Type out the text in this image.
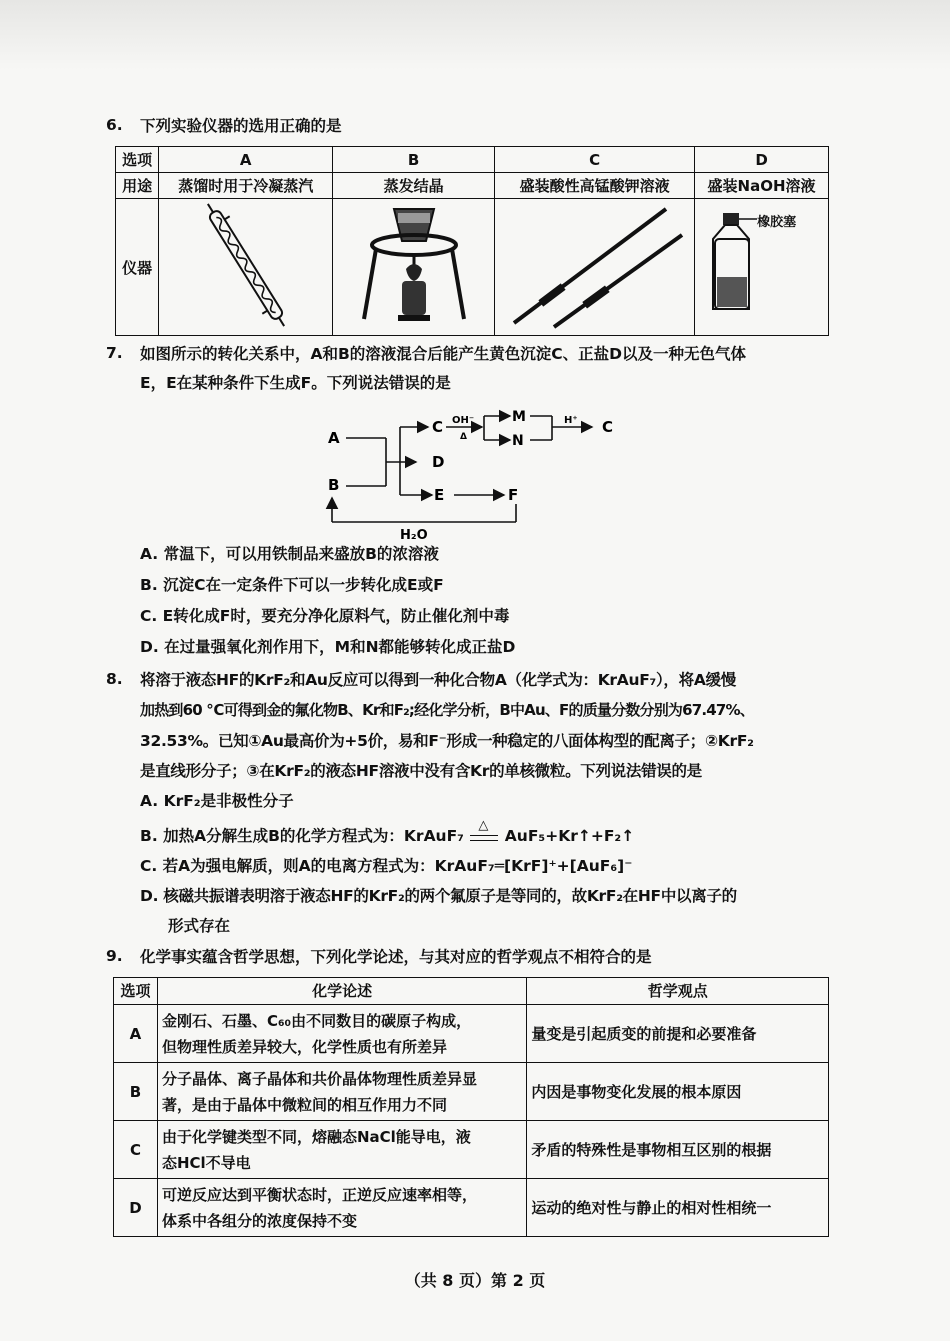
6. 下列实验仪器的选用正确的是
选项	A	B	C	D
用途	蒸馏时用于冷凝蒸汽	蒸发结晶	盛装酸性高锰酸钾溶液	盛装NaOH溶液
仪器				橡胶塞
7. 如图所示的转化关系中，A和B的溶液混合后能产生黄色沉淀C、正盐D以及一种无色气体
E，E在某种条件下生成F。下列说法错误的是
A
B
C
D
E
OH⁻
Δ
M
N
H⁺ C
F
H₂O
A. 常温下，可以用铁制品来盛放B的浓溶液
B. 沉淀C在一定条件下可以一步转化成E或F
C. E转化成F时，要充分净化原料气，防止催化剂中毒
D. 在过量强氧化剂作用下，M和N都能够转化成正盐D
8. 将溶于液态HF的KrF₂和Au反应可以得到一种化合物A（化学式为：KrAuF₇），将A缓慢
加热到60 ℃可得到金的氟化物B、Kr和F₂;经化学分析，B中Au、F的质量分数分别为67.47%、
32.53%。已知①Au最高价为+5价，易和F⁻形成一种稳定的八面体构型的配离子；②KrF₂
是直线形分子；③在KrF₂的液态HF溶液中没有含Kr的单核微粒。下列说法错误的是
A. KrF₂是非极性分子
B. 加热A分解生成B的化学方程式为：KrAuF₇
△
AuF₅+Kr↑+F₂↑
C. 若A为强电解质，则A的电离方程式为：KrAuF₇═[KrF]⁺+[AuF₆]⁻
D. 核磁共振谱表明溶于液态HF的KrF₂的两个氟原子是等同的，故KrF₂在HF中以离子的
形式存在
9. 化学事实蕴含哲学思想，下列化学论述，与其对应的哲学观点不相符合的是
选项	化学论述	哲学观点
A	金刚石、石墨、C₆₀由不同数目的碳原子构成，
但物理性质差异较大，化学性质也有所差异	量变是引起质变的前提和必要准备
B	分子晶体、离子晶体和共价晶体物理性质差异显
著，是由于晶体中微粒间的相互作用力不同	内因是事物变化发展的根本原因
C	由于化学键类型不同，熔融态NaCl能导电，液
态HCl不导电	矛盾的特殊性是事物相互区别的根据
D	可逆反应达到平衡状态时，正逆反应速率相等，
体系中各组分的浓度保持不变	运动的绝对性与静止的相对性相统一
（共 8 页）第 2 页
